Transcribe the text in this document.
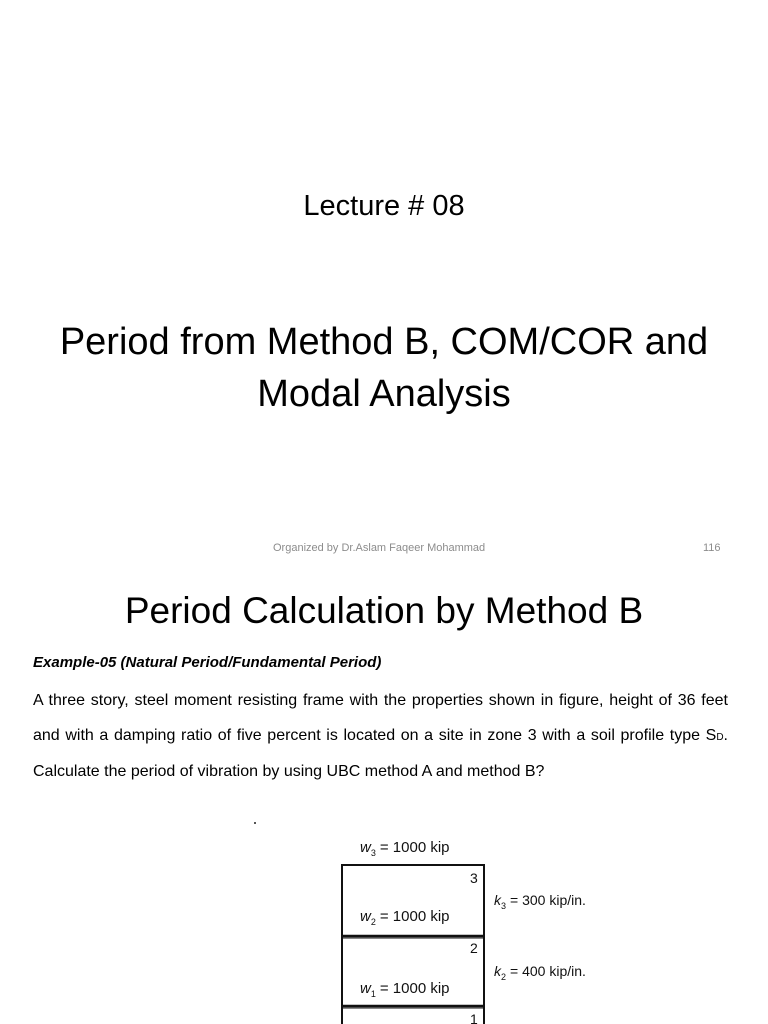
Lecture # 08
Period from Method B, COM/COR and
Modal Analysis
Organized by Dr.Aslam Faqeer Mohammad	116
Period Calculation by Method B
Example-05 (Natural Period/Fundamental Period)
A three story, steel moment resisting frame with the properties shown in figure, height of 36 feet and with a damping ratio of five percent is located on a site in zone 3 with a soil profile type SD. Calculate the period of vibration by using UBC method A and method B?
$w_3 = 1000$ kip
3
2
1
$w_2 = 1000$ kip
$w_1 = 1000$ kip
$k_3 = 300$ kip/in.
$k_2 = 400$ kip/in.
